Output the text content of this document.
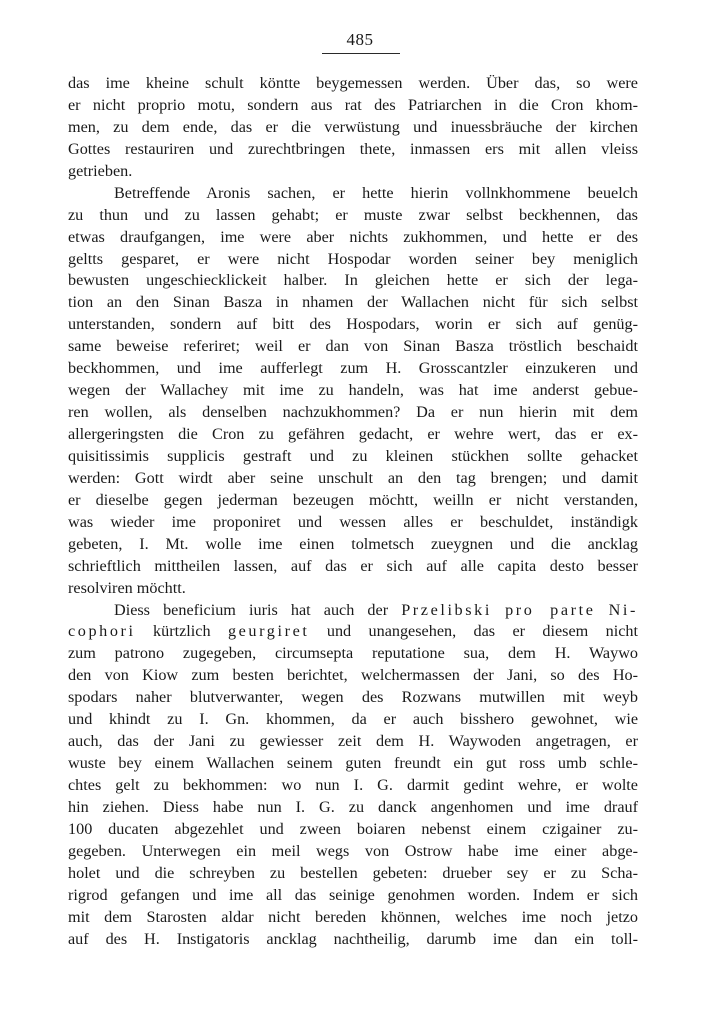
485
das ime kheine schult köntte beygemessen werden. Über das, so were
er nicht proprio motu, sondern aus rat des Patriarchen in die Cron khom-
men, zu dem ende, das er die verwüstung und inuessbräuche der kirchen
Gottes restauriren und zurechtbringen thete, inmassen ers mit allen vleiss
getrieben.
Betreffende Aronis sachen, er hette hierin vollnkhommene beuelch
zu thun und zu lassen gehabt; er muste zwar selbst beckhennen, das
etwas draufgangen, ime were aber nichts zukhommen, und hette er des
geltts gesparet, er were nicht Hospodar worden seiner bey meniglich
bewusten ungeschiecklickeit halber. In gleichen hette er sich der lega-
tion an den Sinan Basza in nhamen der Wallachen nicht für sich selbst
unterstanden, sondern auf bitt des Hospodars, worin er sich auf genüg-
same beweise referiret; weil er dan von Sinan Basza tröstlich beschaidt
beckhommen, und ime aufferlegt zum H. Grosscantzler einzukeren und
wegen der Wallachey mit ime zu handeln, was hat ime anderst gebue-
ren wollen, als denselben nachzukhommen? Da er nun hierin mit dem
allergeringsten die Cron zu gefähren gedacht, er wehre wert, das er ex-
quisitissimis supplicis gestraft und zu kleinen stückhen sollte gehacket
werden: Gott wirdt aber seine unschult an den tag brengen; und damit
er dieselbe gegen jederman bezeugen möchtt, weilln er nicht verstanden,
was wieder ime proponiret und wessen alles er beschuldet, inständigk
gebeten, I. Mt. wolle ime einen tolmetsch zueygnen und die ancklag
schrieftlich mittheilen lassen, auf das er sich auf alle capita desto besser
resolviren möchtt.
Diess beneficium iuris hat auch der Przelibski pro parte Ni-
cophori kürtzlich geurgiret und unangesehen, das er diesem nicht
zum patrono zugegeben, circumsepta reputatione sua, dem H. Waywo
den von Kiow zum besten berichtet, welchermassen der Jani, so des Ho-
spodars naher blutverwanter, wegen des Rozwans mutwillen mit weyb
und khindt zu I. Gn. khommen, da er auch bisshero gewohnet, wie
auch, das der Jani zu gewiesser zeit dem H. Waywoden angetragen, er
wuste bey einem Wallachen seinem guten freundt ein gut ross umb schle-
chtes gelt zu bekhommen: wo nun I. G. darmit gedint wehre, er wolte
hin ziehen. Diess habe nun I. G. zu danck angenhomen und ime drauf
100 ducaten abgezehlet und zween boiaren nebenst einem czigainer zu-
gegeben. Unterwegen ein meil wegs von Ostrow habe ime einer abge-
holet und die schreyben zu bestellen gebeten: drueber sey er zu Scha-
rigrod gefangen und ime all das seinige genohmen worden. Indem er sich
mit dem Starosten aldar nicht bereden khönnen, welches ime noch jetzo
auf des H. Instigatoris ancklag nachtheilig, darumb ime dan ein toll-
